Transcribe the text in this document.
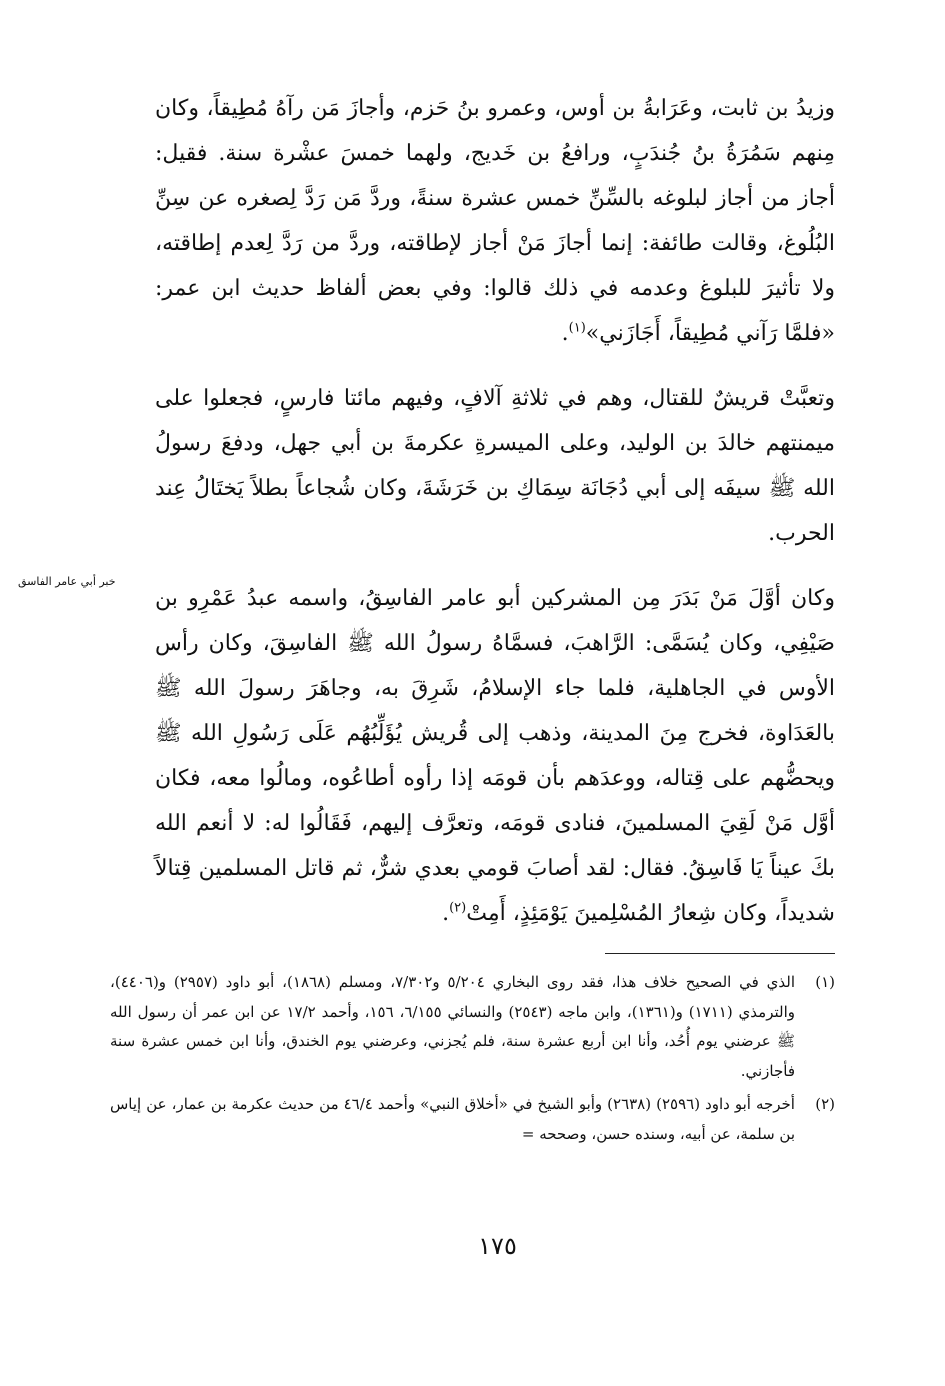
وزيدُ بن ثابت، وعَرَابةُ بن أوس، وعمرو بنُ حَزم، وأجازَ مَن رآهُ مُطِيقاً، وكان مِنهم سَمُرَةُ بنُ جُندَبٍ، ورافعُ بن خَديج، ولهما خمسَ عشْرة سنة. فقيل: أجاز من أجاز لبلوغه بالسِّنِّ خمس عشرة سنةً، وردَّ مَن رَدَّ لِصغره عن سِنِّ البُلُوغ، وقالت طائفة: إنما أجازَ مَنْ أجاز لإطاقته، وردَّ من رَدَّ لِعدم إطاقته، ولا تأثيرَ للبلوغ وعدمه في ذلك قالوا: وفي بعض ألفاظ حديث ابن عمر: «فلمَّا رَآني مُطِيقاً، أَجَازَني»$^{(١)}$.

وتعبَّتْ قريشٌ للقتال، وهم في ثلاثةِ آلافٍ، وفيهم مائتا فارسٍ، فجعلوا على ميمنتهم خالدَ بن الوليد، وعلى الميسرةِ عكرمةَ بن أبي جهل، ودفعَ رسولُ الله ﷺ سيفَه إلى أبي دُجَانَة سِمَاكِ بن خَرَشَةَ، وكان شُجاعاً بطلاً يَختَالُ عِند الحرب.

وكان أوَّلَ مَنْ بَدَرَ مِن المشركين أبو عامر الفاسِقُ، واسمه عبدُ عَمْرِو بن صَيْفِي، وكان يُسَمَّى: الرَّاهبَ، فسمَّاهُ رسولُ الله ﷺ الفاسِقَ، وكان رأس الأوس في الجاهلية، فلما جاء الإسلامُ، شَرِقَ به، وجاهَرَ رسولَ الله ﷺ بالعَدَاوة، فخرج مِنَ المدينة، وذهب إلى قُريش يُؤَلِّبُهُم عَلَى رَسُولِ الله ﷺ ويحضُّهم على قِتاله، ووعدَهم بأن قومَه إذا رأوه أطاعُوه، ومالُوا معه، فكان أوَّل مَنْ لَقِيَ المسلمينَ، فنادى قومَه، وتعرَّف إليهم، فَقَالُوا له: لا أنعم الله بكَ عيناً يَا فَاسِقُ. فقال: لقد أصابَ قومي بعدي شرٌّ، ثم قاتل المسلمين قِتالاً شديداً، وكان شِعارُ المُسْلِمينَ يَوْمَئِذٍ، أَمِتْ$^{(٢)}$.

خبر أبي عامر الفاسق
(١)
الذي في الصحيح خلاف هذا، فقد روى البخاري ٥/٢٠٤ و٧/٣٠٢، ومسلم (١٨٦٨)، أبو داود (٢٩٥٧) و(٤٤٠٦)، والترمذي (١٧١١) و(١٣٦١)، وابن ماجه (٢٥٤٣) والنسائي ٦/١٥٥، ١٥٦، وأحمد ١٧/٢ عن ابن عمر أن رسول الله ﷺ عرضني يوم أُحُد، وأنا ابن أربع عشرة سنة، فلم يُجزني، وعرضني يوم الخندق، وأنا ابن خمس عشرة سنة فأجازني.
(٢)
أخرجه أبو داود (٢٥٩٦) (٢٦٣٨) وأبو الشيخ في «أخلاق النبي» وأحمد ٤٦/٤ من حديث عكرمة بن عمار، عن إياس بن سلمة، عن أبيه، وسنده حسن، وصححه =
١٧٥
